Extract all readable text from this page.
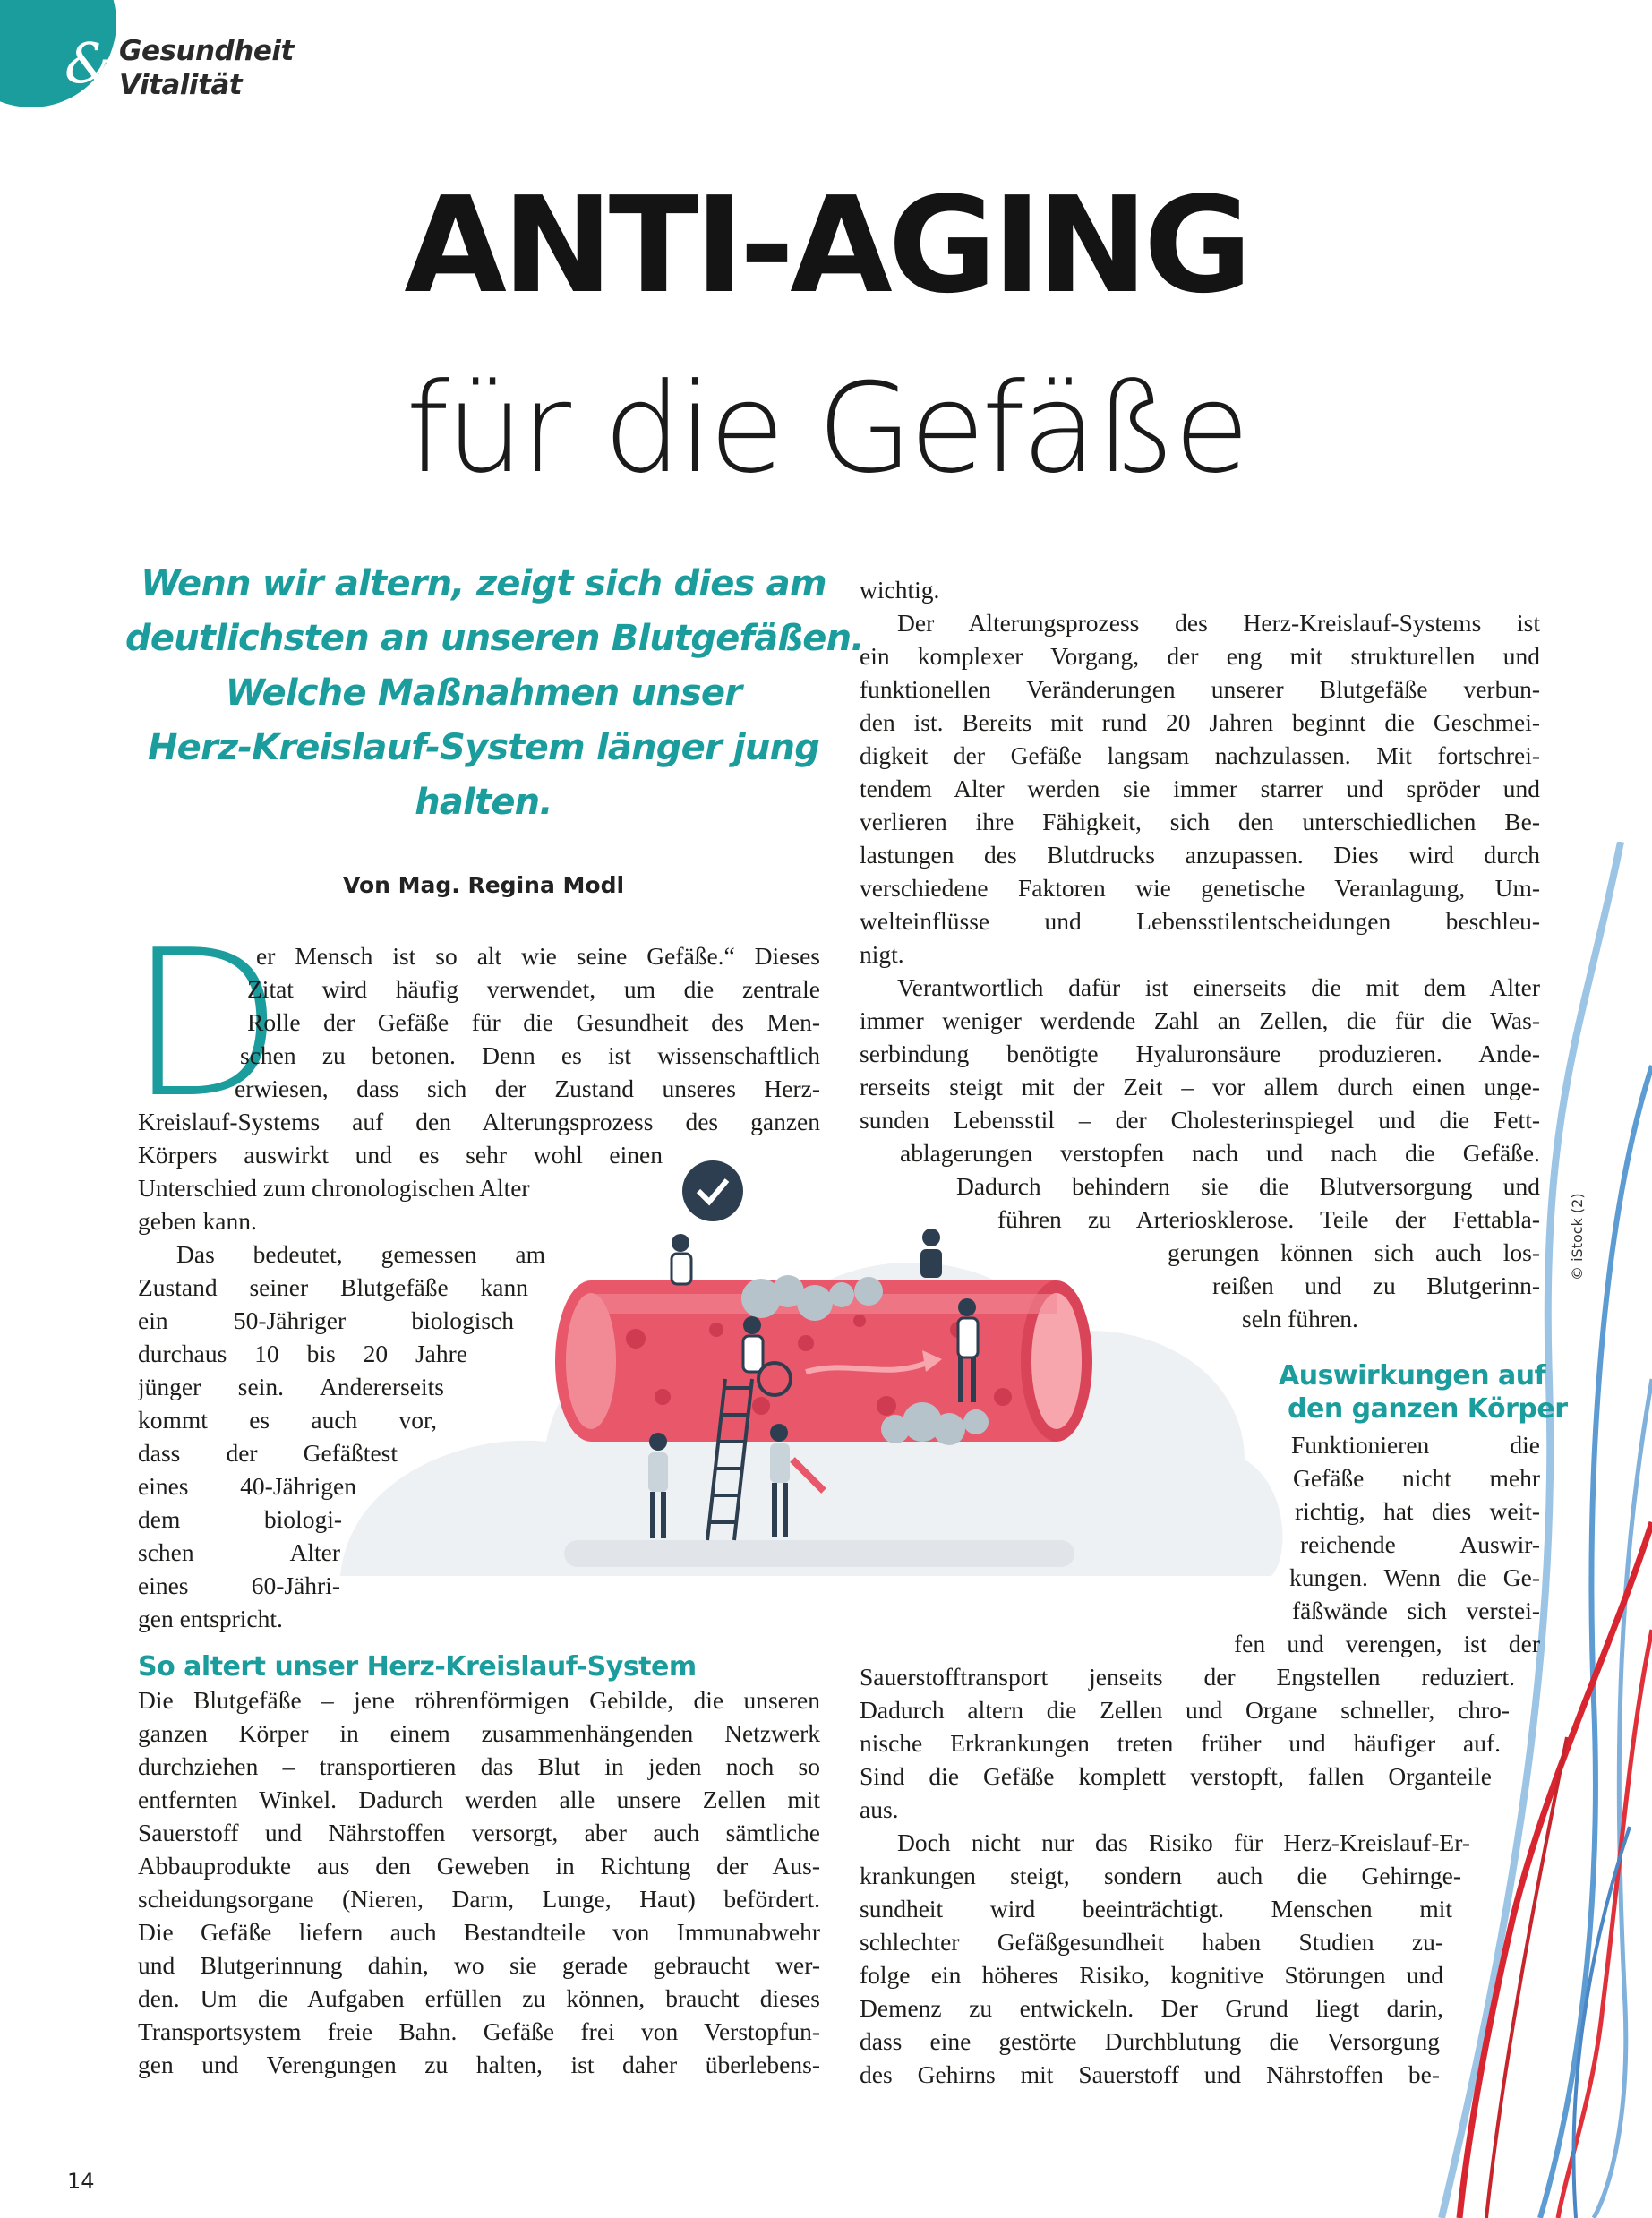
& Gesundheit
Vitalität
ANTI-AGING
für die Gefäße
Wenn wir altern, zeigt sich dies am
deutlichsten an unseren Blutgefäßen.
Welche Maßnahmen unser
Herz-Kreislauf-System länger jung
halten.
Von Mag. Regina Modl
D
er Mensch ist so alt wie seine Gefäße.“ Dieses
Zitat wird häufig verwendet, um die zentrale
Rolle der Gefäße für die Gesundheit des Men-
schen zu betonen. Denn es ist wissenschaftlich
erwiesen, dass sich der Zustand unseres Herz-
Kreislauf-Systems auf den Alterungsprozess des ganzen
Körpers auswirkt und es sehr wohl einen
Unterschied zum chronologischen Alter
geben kann.
Das bedeutet, gemessen am
Zustand seiner Blutgefäße kann
ein 50-Jähriger biologisch
durchaus 10 bis 20 Jahre
jünger sein. Andererseits
kommt es auch vor,
dass der Gefäßtest
eines 40-Jährigen
dem biologi-
schen Alter
eines 60-Jähri-
gen entspricht.
So altert unser Herz-Kreislauf-System
Die Blutgefäße – jene röhrenförmigen Gebilde, die unseren
ganzen Körper in einem zusammenhängenden Netzwerk
durchziehen – transportieren das Blut in jeden noch so
entfernten Winkel. Dadurch werden alle unsere Zellen mit
Sauerstoff und Nährstoffen versorgt, aber auch sämtliche
Abbauprodukte aus den Geweben in Richtung der Aus-
scheidungsorgane (Nieren, Darm, Lunge, Haut) befördert.
Die Gefäße liefern auch Bestandteile von Immunabwehr
und Blutgerinnung dahin, wo sie gerade gebraucht wer-
den. Um die Aufgaben erfüllen zu können, braucht dieses
Transportsystem freie Bahn. Gefäße frei von Verstopfun-
gen und Verengungen zu halten, ist daher überlebens-
wichtig.
Der Alterungsprozess des Herz-Kreislauf-Systems ist
ein komplexer Vorgang, der eng mit strukturellen und
funktionellen Veränderungen unserer Blutgefäße verbun-
den ist. Bereits mit rund 20 Jahren beginnt die Geschmei-
digkeit der Gefäße langsam nachzulassen. Mit fortschrei-
tendem Alter werden sie immer starrer und spröder und
verlieren ihre Fähigkeit, sich den unterschiedlichen Be-
lastungen des Blutdrucks anzupassen. Dies wird durch
verschiedene Faktoren wie genetische Veranlagung, Um-
welteinflüsse und Lebensstilentscheidungen beschleu-
nigt.
Verantwortlich dafür ist einerseits die mit dem Alter
immer weniger werdende Zahl an Zellen, die für die Was-
serbindung benötigte Hyaluronsäure produzieren. Ande-
rerseits steigt mit der Zeit – vor allem durch einen unge-
sunden Lebensstil – der Cholesterinspiegel und die Fett-
ablagerungen verstopfen nach und nach die Gefäße.
Dadurch behindern sie die Blutversorgung und
führen zu Arteriosklerose. Teile der Fettabla-
gerungen können sich auch los-
reißen und zu Blutgerinn-
seln führen.
Auswirkungen auf
den ganzen Körper
Funktionieren die
Gefäße nicht mehr
richtig, hat dies weit-
reichende Auswir-
kungen. Wenn die Ge-
fäßwände sich verstei-
fen und verengen, ist der
Sauerstofftransport jenseits der Engstellen reduziert.
Dadurch altern die Zellen und Organe schneller, chro-
nische Erkrankungen treten früher und häufiger auf.
Sind die Gefäße komplett verstopft, fallen Organteile
aus.
Doch nicht nur das Risiko für Herz-Kreislauf-Er-
krankungen steigt, sondern auch die Gehirnge-
sundheit wird beeinträchtigt. Menschen mit
schlechter Gefäßgesundheit haben Studien zu-
folge ein höheres Risiko, kognitive Störungen und
Demenz zu entwickeln. Der Grund liegt darin,
dass eine gestörte Durchblutung die Versorgung
des Gehirns mit Sauerstoff und Nährstoffen be-
14
© iStock (2)
